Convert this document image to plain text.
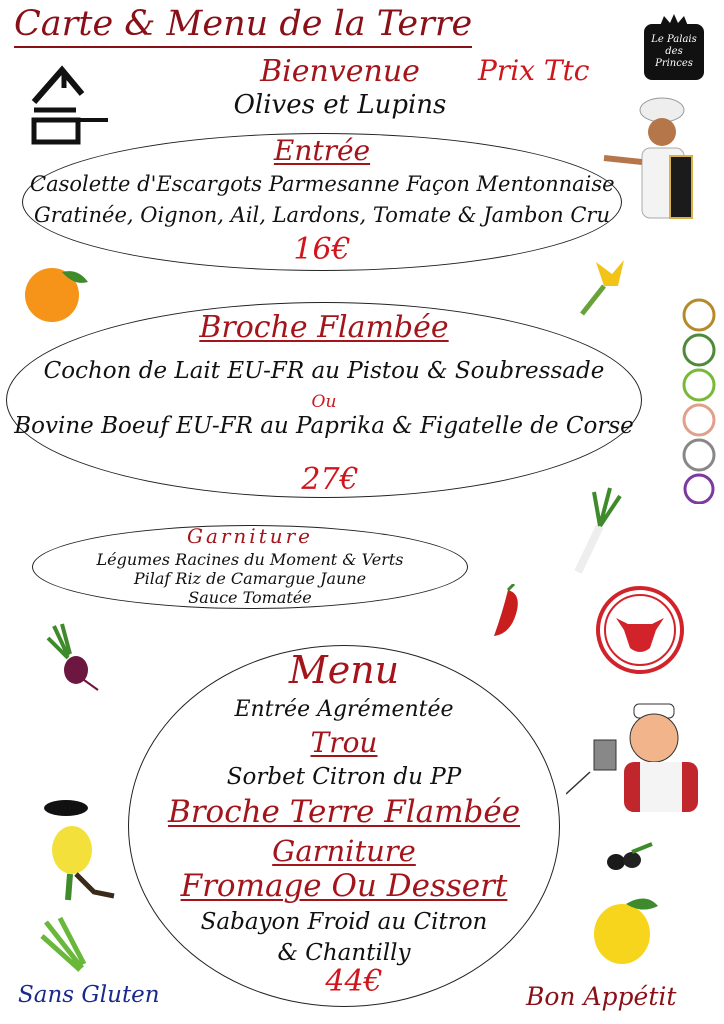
Carte & Menu de la Terre	Le Palais
des
Princes
Bienvenue	Prix Ttc
Olives et Lupins
Entrée
Casolette d'Escargots Parmesanne Façon Mentonnaise
Gratinée, Oignon, Ail, Lardons, Tomate & Jambon Cru
16€
Broche Flambée
Cochon de Lait EU-FR au Pistou & Soubressade
Ou
Bovine Boeuf EU-FR au Paprika & Figatelle de Corse
27€
Garniture
Légumes Racines du Moment & Verts
Pilaf Riz de Camargue Jaune
Sauce Tomatée
Menu
Entrée Agrémentée
Trou
Sorbet Citron du PP
Broche Terre Flambée
Garniture
Fromage Ou Dessert
Sabayon Froid au Citron
& Chantilly
44€
Sans Gluten	Bon Appétit
